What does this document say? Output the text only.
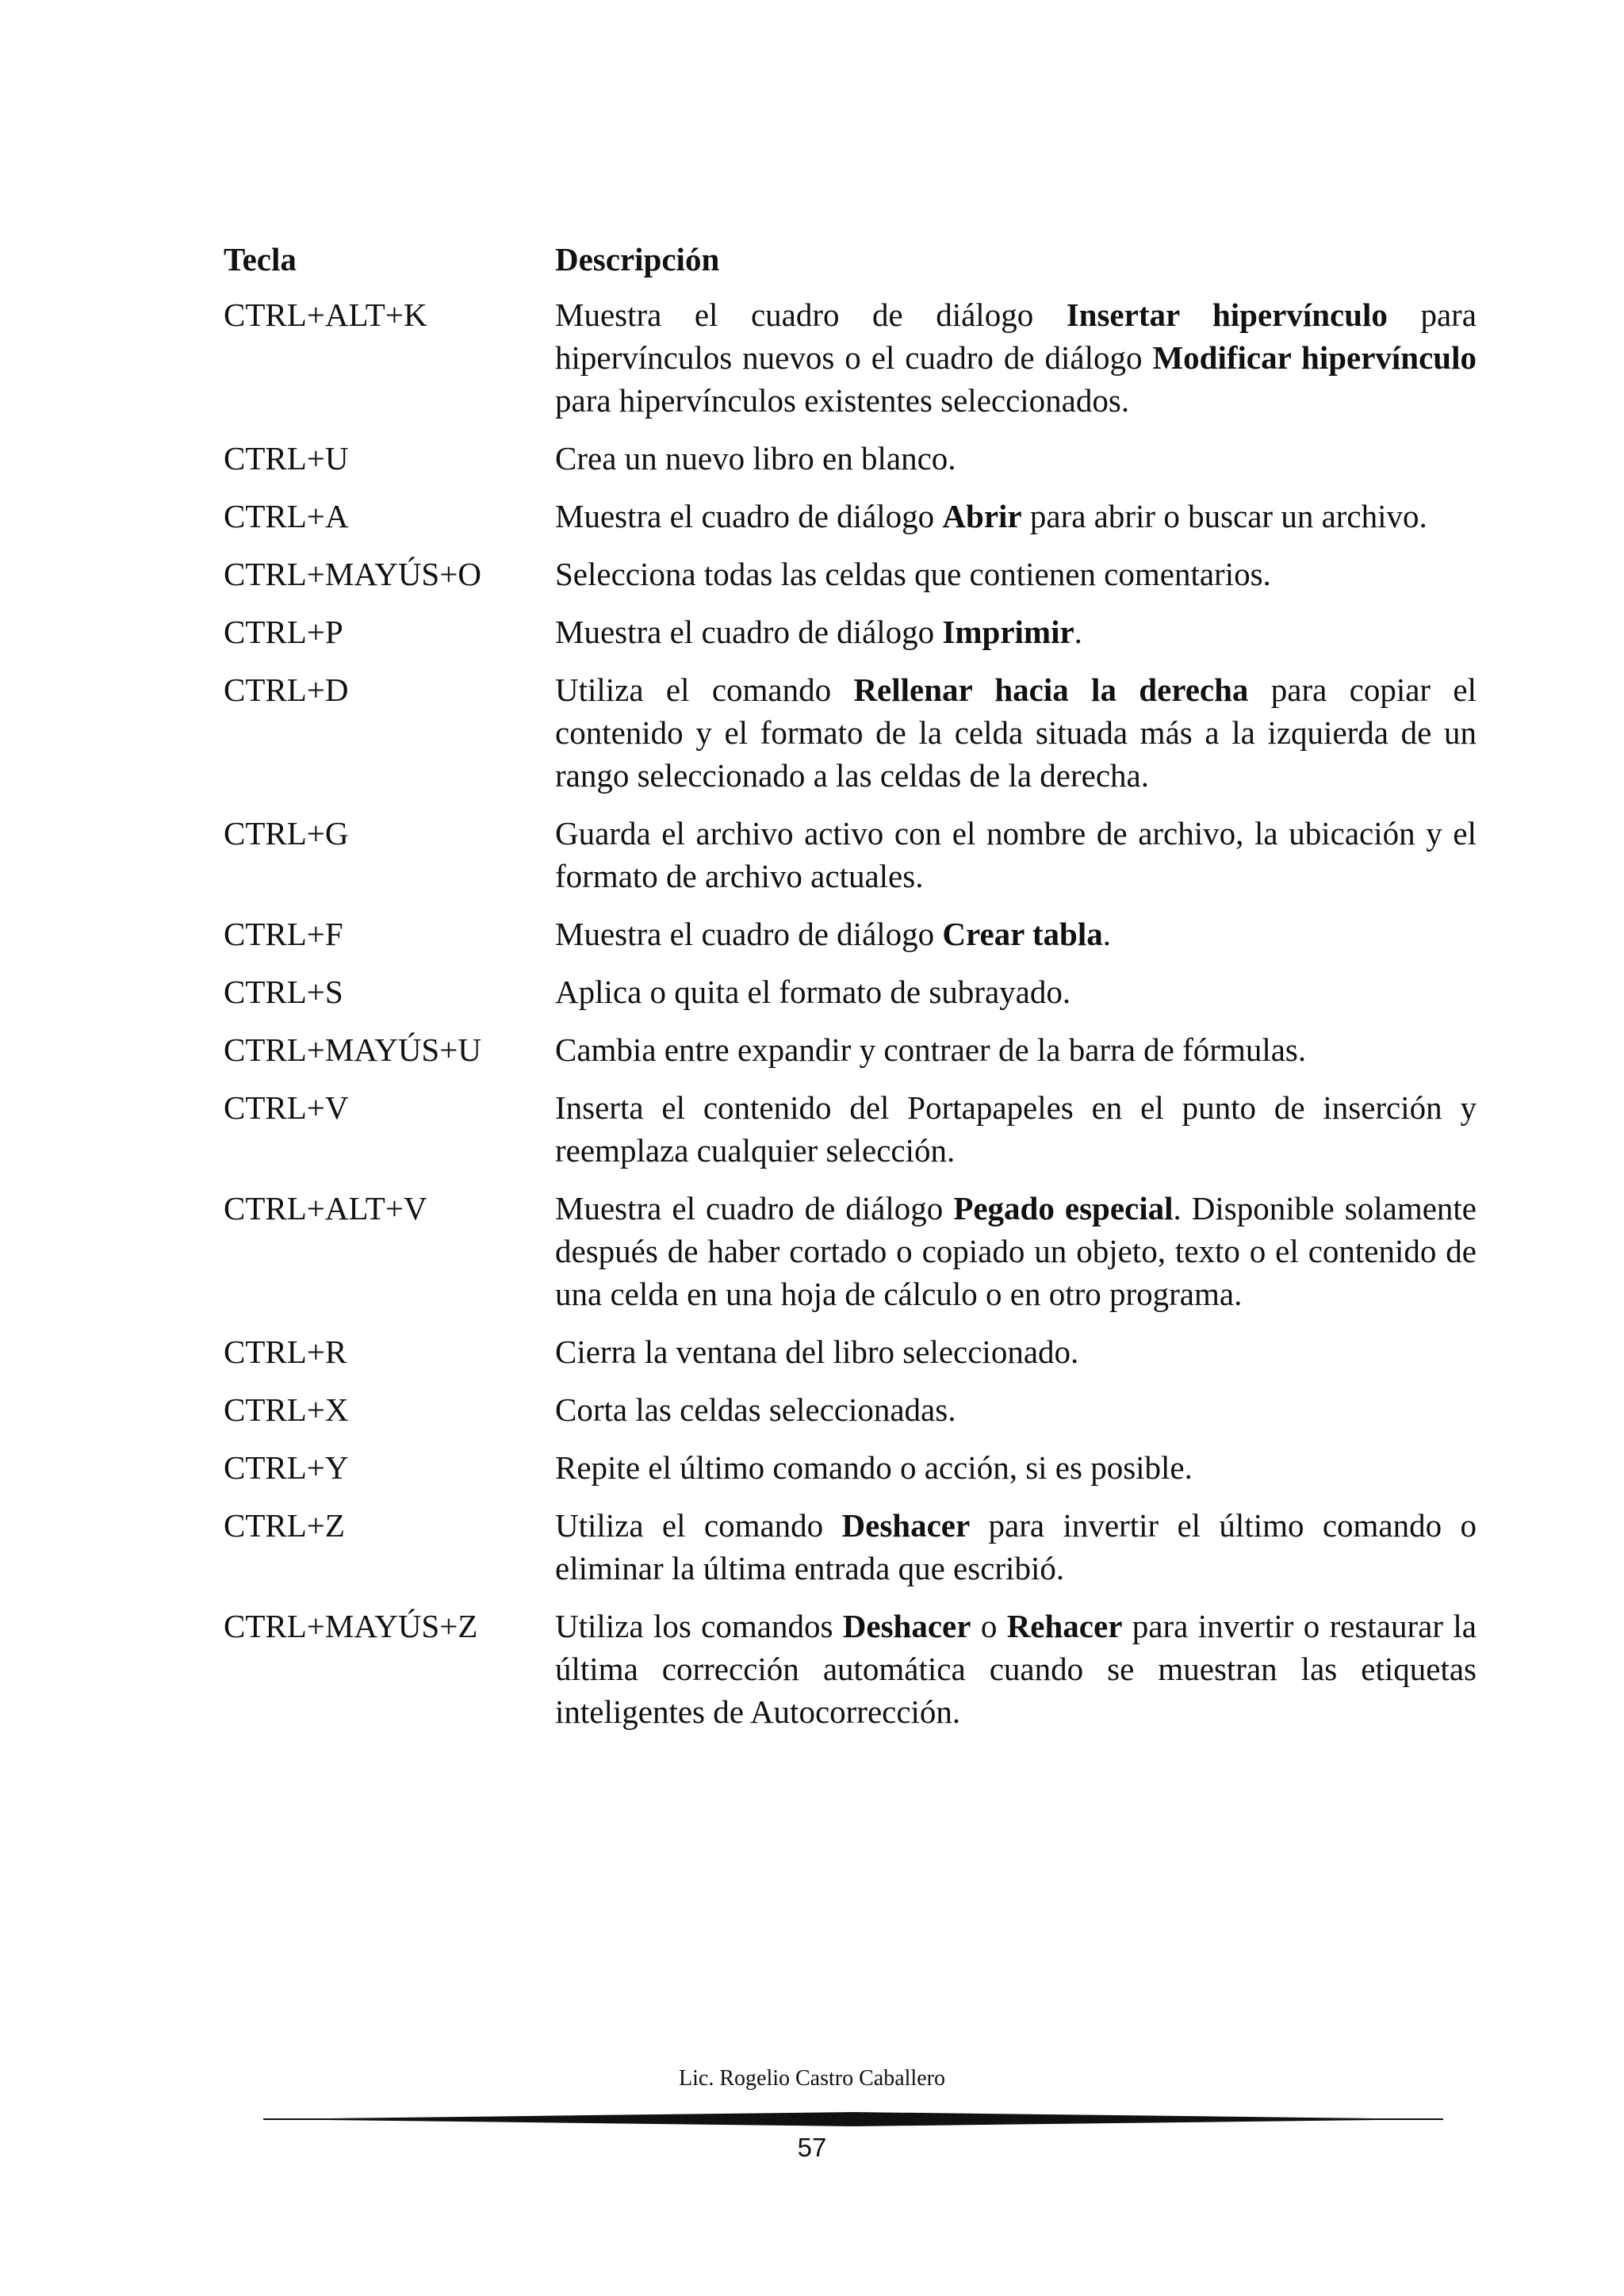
Tecla	Descripción
CTRL+ALT+K	Muestra el cuadro de diálogo Insertar hipervínculo para hipervínculos nuevos o el cuadro de diálogo Modificar hipervínculo para hipervínculos existentes seleccionados.
CTRL+U	Crea un nuevo libro en blanco.
CTRL+A	Muestra el cuadro de diálogo Abrir para abrir o buscar un archivo.
CTRL+MAYÚS+O	Selecciona todas las celdas que contienen comentarios.
CTRL+P	Muestra el cuadro de diálogo Imprimir.
CTRL+D	Utiliza el comando Rellenar hacia la derecha para copiar el contenido y el formato de la celda situada más a la izquierda de un rango seleccionado a las celdas de la derecha.
CTRL+G	Guarda el archivo activo con el nombre de archivo, la ubicación y el formato de archivo actuales.
CTRL+F	Muestra el cuadro de diálogo Crear tabla.
CTRL+S	Aplica o quita el formato de subrayado.
CTRL+MAYÚS+U	Cambia entre expandir y contraer de la barra de fórmulas.
CTRL+V	Inserta el contenido del Portapapeles en el punto de inserción y reemplaza cualquier selección.
CTRL+ALT+V	Muestra el cuadro de diálogo Pegado especial. Disponible solamente después de haber cortado o copiado un objeto, texto o el contenido de una celda en una hoja de cálculo o en otro programa.
CTRL+R	Cierra la ventana del libro seleccionado.
CTRL+X	Corta las celdas seleccionadas.
CTRL+Y	Repite el último comando o acción, si es posible.
CTRL+Z	Utiliza el comando Deshacer para invertir el último comando o eliminar la última entrada que escribió.
CTRL+MAYÚS+Z	Utiliza los comandos Deshacer o Rehacer para invertir o restaurar la última corrección automática cuando se muestran las etiquetas inteligentes de Autocorrección.
Lic. Rogelio Castro Caballero
57
